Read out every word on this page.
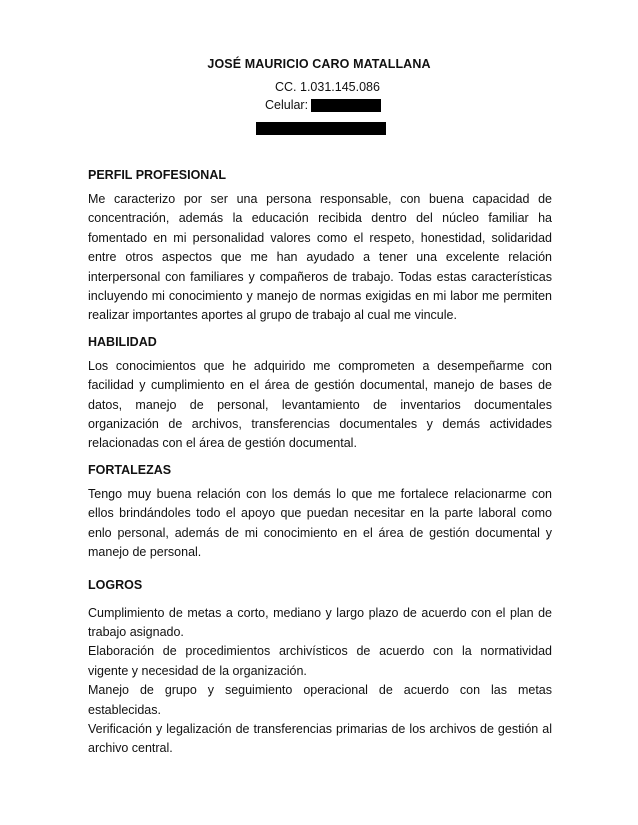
JOSÉ MAURICIO CARO MATALLANA
CC. 1.031.145.086
Celular:
PERFIL PROFESIONAL

Me caracterizo por ser una persona responsable, con buena capacidad de concentración, además la educación recibida dentro del núcleo familiar ha fomentado en mi personalidad valores como el respeto, honestidad, solidaridad entre otros aspectos que me han ayudado a tener una excelente relación interpersonal con familiares y compañeros de trabajo. Todas estas características incluyendo mi conocimiento y manejo de normas exigidas en mi labor me permiten realizar importantes aportes al grupo de trabajo al cual me vincule.

HABILIDAD

Los conocimientos que he adquirido me comprometen a desempeñarme con facilidad y cumplimiento en el área de gestión documental, manejo de bases de datos, manejo de personal, levantamiento de inventarios documentales organización de archivos, transferencias documentales y demás actividades relacionadas con el área de gestión documental.

FORTALEZAS

Tengo muy buena relación con los demás lo que me fortalece relacionarme con ellos brindándoles todo el apoyo que puedan necesitar en la parte laboral como enlo personal, además de mi conocimiento en el área de gestión documental y manejo de personal.

LOGROS

Cumplimiento de metas a corto, mediano y largo plazo de acuerdo con el plan de trabajo asignado.

Elaboración de procedimientos archivísticos de acuerdo con la normatividad vigente y necesidad de la organización.

Manejo de grupo y seguimiento operacional de acuerdo con las metas establecidas.

Verificación y legalización de transferencias primarias de los archivos de gestión al archivo central.
